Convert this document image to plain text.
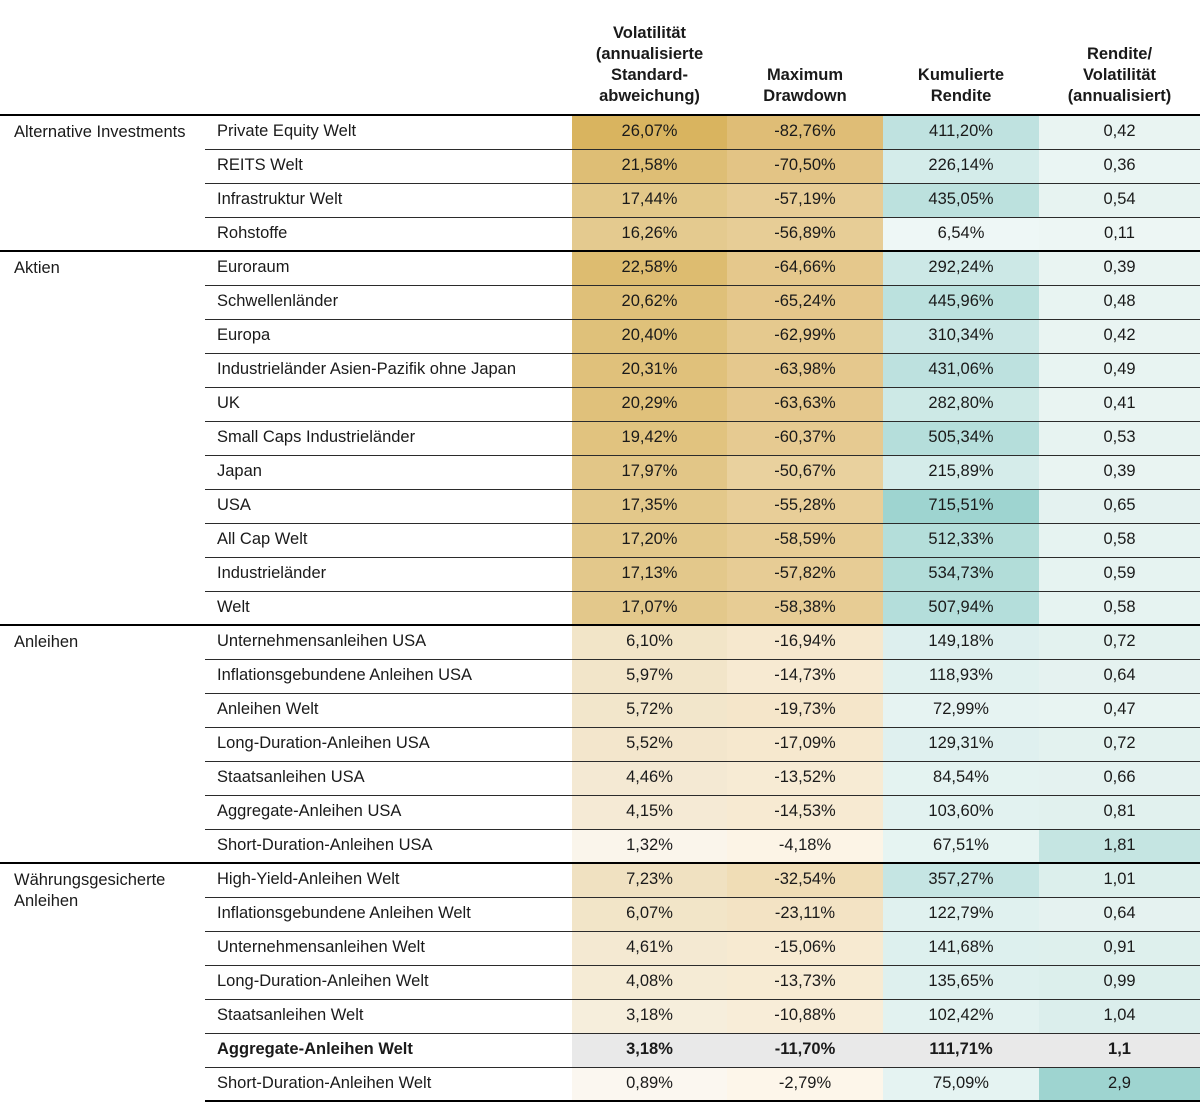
Volatilität
(annualisierte
Standard-
abweichung)

Maximum
Drawdown

Kumulierte
Rendite

Rendite/
Volatilität
(annualisiert)

Alternative Investments	Private Equity Welt	26,07%	-82,76%	411,20%	0,42
	REITS Welt	21,58%	-70,50%	226,14%	0,36
	Infrastruktur Welt	17,44%	-57,19%	435,05%	0,54
	Rohstoffe	16,26%	-56,89%	6,54%	0,11
Aktien	Euroraum	22,58%	-64,66%	292,24%	0,39
	Schwellenländer	20,62%	-65,24%	445,96%	0,48
	Europa	20,40%	-62,99%	310,34%	0,42
	Industrieländer Asien-Pazifik ohne Japan	20,31%	-63,98%	431,06%	0,49
	UK	20,29%	-63,63%	282,80%	0,41
	Small Caps Industrieländer	19,42%	-60,37%	505,34%	0,53
	Japan	17,97%	-50,67%	215,89%	0,39
	USA	17,35%	-55,28%	715,51%	0,65
	All Cap Welt	17,20%	-58,59%	512,33%	0,58
	Industrieländer	17,13%	-57,82%	534,73%	0,59
	Welt	17,07%	-58,38%	507,94%	0,58
Anleihen	Unternehmensanleihen USA	6,10%	-16,94%	149,18%	0,72
	Inflationsgebundene Anleihen USA	5,97%	-14,73%	118,93%	0,64
	Anleihen Welt	5,72%	-19,73%	72,99%	0,47
	Long-Duration-Anleihen USA	5,52%	-17,09%	129,31%	0,72
	Staatsanleihen USA	4,46%	-13,52%	84,54%	0,66
	Aggregate-Anleihen USA	4,15%	-14,53%	103,60%	0,81
	Short-Duration-Anleihen USA	1,32%	-4,18%	67,51%	1,81
Währungsgesicherte Anleihen	High-Yield-Anleihen Welt	7,23%	-32,54%	357,27%	1,01
	Inflationsgebundene Anleihen Welt	6,07%	-23,11%	122,79%	0,64
	Unternehmensanleihen Welt	4,61%	-15,06%	141,68%	0,91
	Long-Duration-Anleihen Welt	4,08%	-13,73%	135,65%	0,99
	Staatsanleihen Welt	3,18%	-10,88%	102,42%	1,04
	Aggregate-Anleihen Welt	3,18%	-11,70%	111,71%	1,1
	Short-Duration-Anleihen Welt	0,89%	-2,79%	75,09%	2,9
